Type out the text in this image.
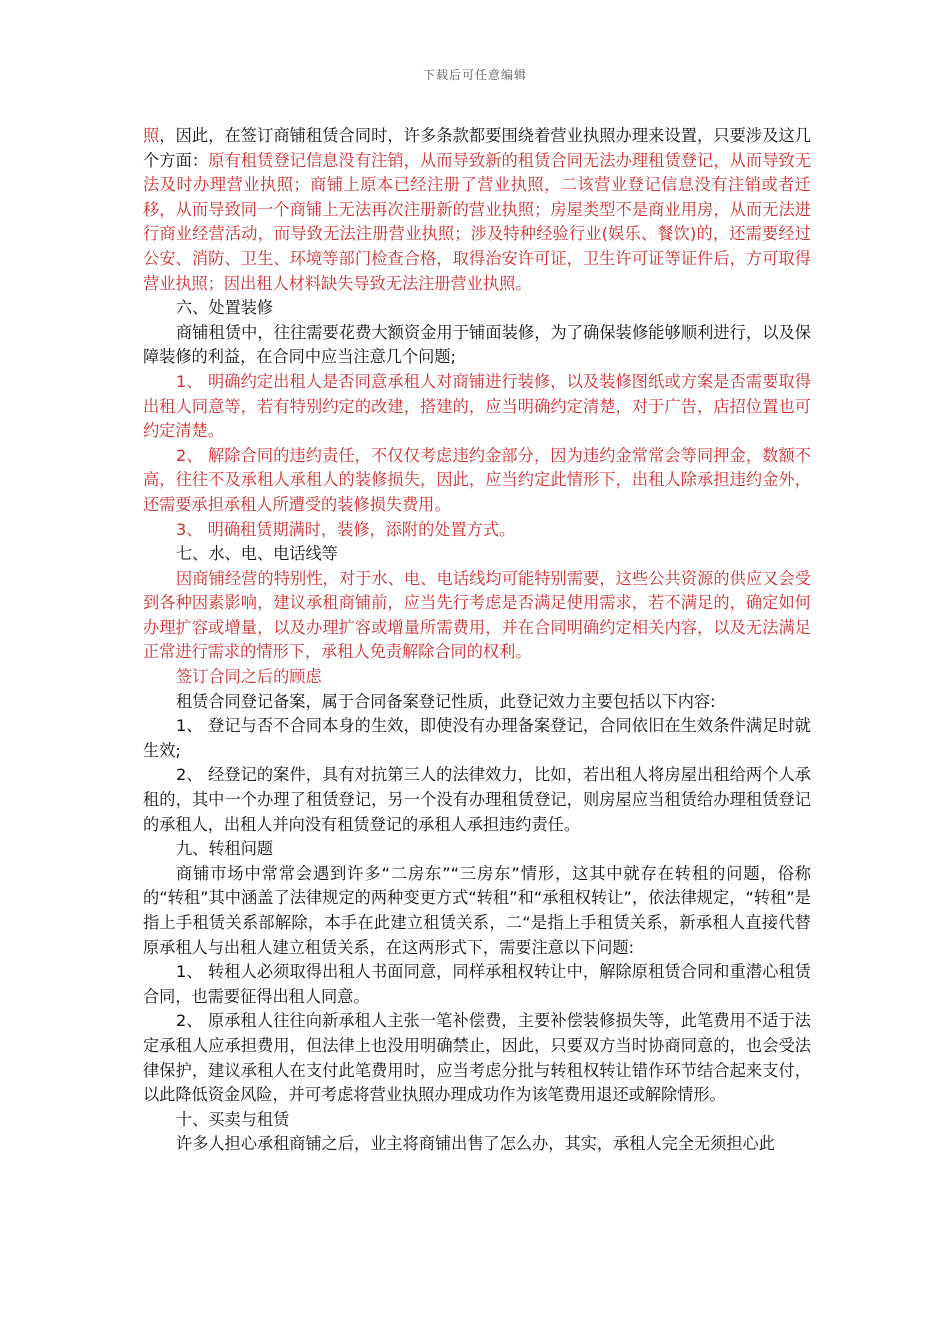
下载后可任意编辑

照，因此，在签订商铺租赁合同时，许多条款都要围绕着营业执照办理来设置，只要涉及这几个方面：原有租赁登记信息没有注销，从而导致新的租赁合同无法办理租赁登记，从而导致无法及时办理营业执照；商铺上原本已经注册了营业执照，二该营业登记信息没有注销或者迁移，从而导致同一个商铺上无法再次注册新的营业执照；房屋类型不是商业用房，从而无法进行商业经营活动，而导致无法注册营业执照；涉及特种经验行业(娱乐、餐饮)的，还需要经过公安、消防、卫生、环境等部门检查合格，取得治安许可证，卫生许可证等证件后，方可取得营业执照；因出租人材料缺失导致无法注册营业执照。

六、处置装修

商铺租赁中，往往需要花费大额资金用于铺面装修，为了确保装修能够顺利进行，以及保障装修的利益，在合同中应当注意几个问题;

1、 明确约定出租人是否同意承租人对商铺进行装修，以及装修图纸或方案是否需要取得出租人同意等，若有特别约定的改建，搭建的，应当明确约定清楚，对于广告，店招位置也可约定清楚。

2、 解除合同的违约责任，不仅仅考虑违约金部分，因为违约金常常会等同押金，数额不高，往往不及承租人承租人的装修损失，因此，应当约定此情形下，出租人除承担违约金外，还需要承担承租人所遭受的装修损失费用。

3、 明确租赁期满时，装修，添附的处置方式。

七、水、电、电话线等

因商铺经营的特别性，对于水、电、电话线均可能特别需要，这些公共资源的供应又会受到各种因素影响，建议承租商铺前，应当先行考虑是否满足使用需求，若不满足的，确定如何办理扩容或增量，以及办理扩容或增量所需费用，并在合同明确约定相关内容，以及无法满足正常进行需求的情形下，承租人免责解除合同的权利。

签订合同之后的顾虑

租赁合同登记备案，属于合同备案登记性质，此登记效力主要包括以下内容:

1、 登记与否不合同本身的生效，即使没有办理备案登记，合同依旧在生效条件满足时就生效;

2、 经登记的案件，具有对抗第三人的法律效力，比如，若出租人将房屋出租给两个人承租的，其中一个办理了租赁登记，另一个没有办理租赁登记，则房屋应当租赁给办理租赁登记的承租人，出租人并向没有租赁登记的承租人承担违约责任。

九、转租问题

商铺市场中常常会遇到许多“二房东”“三房东”情形，这其中就存在转租的问题，俗称的“转租”其中涵盖了法律规定的两种变更方式“转租”和“承租权转让”，依法律规定，“转租”是指上手租赁关系部解除，本手在此建立租赁关系，二“是指上手租赁关系，新承租人直接代替原承租人与出租人建立租赁关系，在这两形式下，需要注意以下问题:

1、 转租人必须取得出租人书面同意，同样承租权转让中，解除原租赁合同和重潜心租赁合同，也需要征得出租人同意。

2、 原承租人往往向新承租人主张一笔补偿费，主要补偿装修损失等，此笔费用不适于法定承租人应承担费用，但法律上也没用明确禁止，因此，只要双方当时协商同意的，也会受法律保护，建议承租人在支付此笔费用时，应当考虑分批与转租权转让错作环节结合起来支付，以此降低资金风险，并可考虑将营业执照办理成功作为该笔费用退还或解除情形。

十、买卖与租赁

许多人担心承租商铺之后，业主将商铺出售了怎么办，其实，承租人完全无须担心此
